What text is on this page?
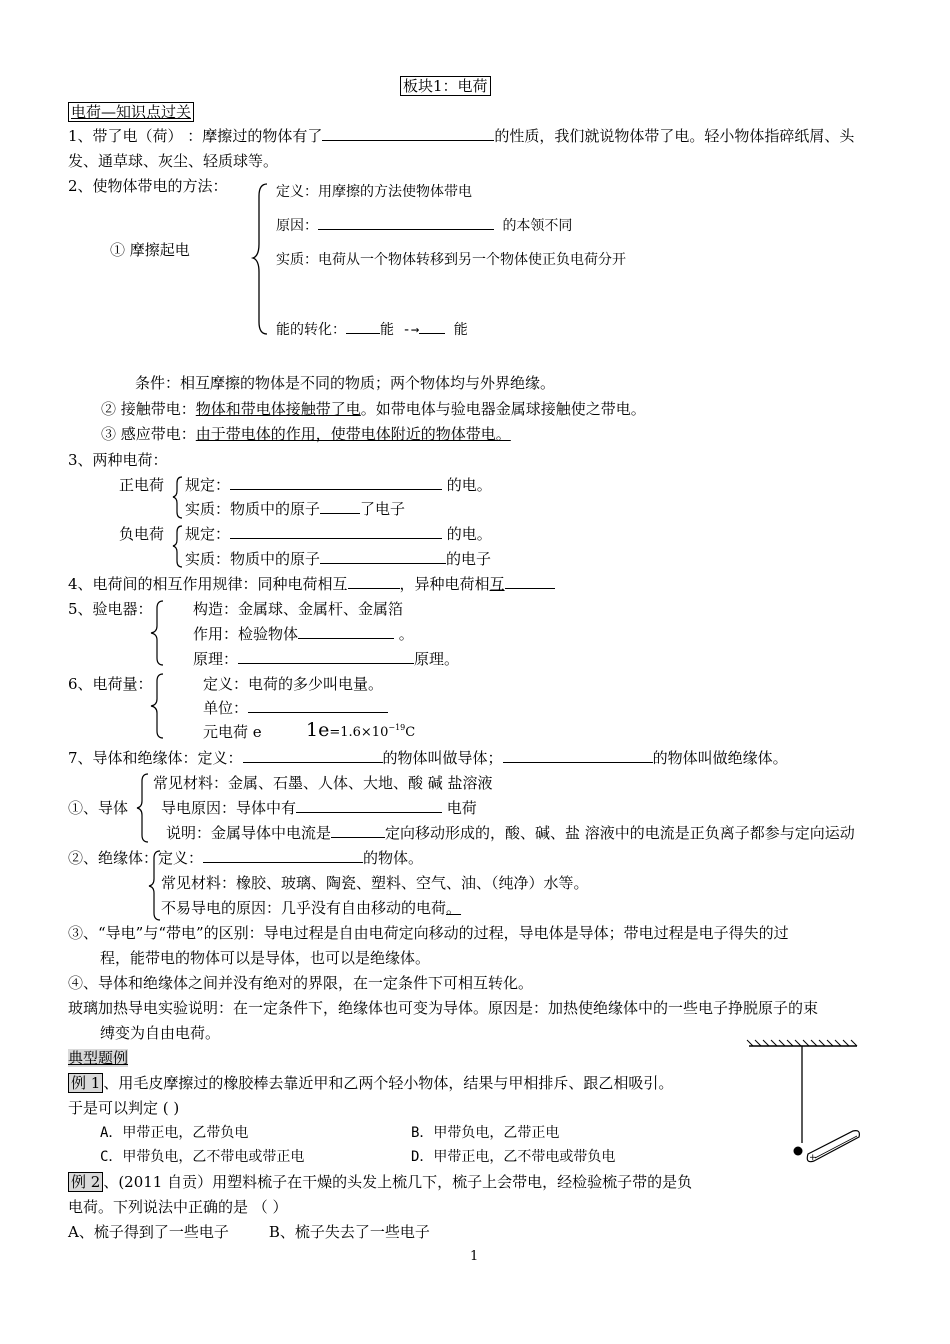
板块1：电荷
电荷—知识点过关
1、带了电（荷） ：摩擦过的物体有了	的性质，我们就说物体带了电。轻小物体指碎纸屑、头
发、通草球、灰尘、轻质球等。
2、使物体带电的方法：
① 摩擦起电
定义：用摩擦的方法使物体带电
原因：	的本领不同
实质：电荷从一个物体转移到另一个物体使正负电荷分开
能的转化： 能 -→ 能
条件：相互摩擦的物体是不同的物质；两个物体均与外界绝缘。
② 接触带电：物体和带电体接触带了电。如带电体与验电器金属球接触使之带电。
③ 感应带电：由于带电体的作用，使带电体附近的物体带电。
3、两种电荷：
正电荷 规定：	的电。
实质：物质中的原子	了电子
负电荷 规定：	的电。
实质：物质中的原子	的电子
4、电荷间的相互作用规律：同种电荷相互	，异种电荷相互
5、验电器：	构造：金属球、金属杆、金属箔
作用：检验物体	。
原理：	原理。
6、电荷量：	定义：电荷的多少叫电量。
单位：
元电荷 e $1e=1.6\times 10^{-19}C$
7、导体和绝缘体：定义：	的物体叫做导体；	的物体叫做绝缘体。
常见材料：金属、石墨、人体、大地、酸 碱 盐溶液
①、导体 导电原因：导体中有	电荷
说明：金属导体中电流是	定向移动形成的，酸、碱、盐 溶液中的电流是正负离子都参与定向运动
②、绝缘体：定义：	的物体。
常见材料：橡胶、玻璃、陶瓷、塑料、空气、油、（纯净）水等。
不易导电的原因：几乎没有自由移动的电荷。
③、“导电”与“带电”的区别：导电过程是自由电荷定向移动的过程，导电体是导体；带电过程是电子得失的过
程，能带电的物体可以是导体，也可以是绝缘体。
④、导体和绝缘体之间并没有绝对的界限，在一定条件下可相互转化。
玻璃加热导电实验说明：在一定条件下，绝缘体也可变为导体。原因是：加热使绝缘体中的一些电子挣脱原子的束
缚变为自由电荷。
典型题例
例 1 、用毛皮摩擦过的橡胶棒去靠近甲和乙两个轻小物体，结果与甲相排斥、跟乙相吸引。
于是可以判定 ( )
A．甲带正电，乙带负电	B．甲带负电，乙带正电
C．甲带负电，乙不带电或带正电	D．甲带正电，乙不带电或带负电
例 2 、(2011 自贡）用塑料梳子在干燥的头发上梳几下，梳子上会带电，经检验梳子带的是负
电荷。下列说法中正确的是 （ ）
A、梳子得到了一些电子	B、梳子失去了一些电子
+
1
